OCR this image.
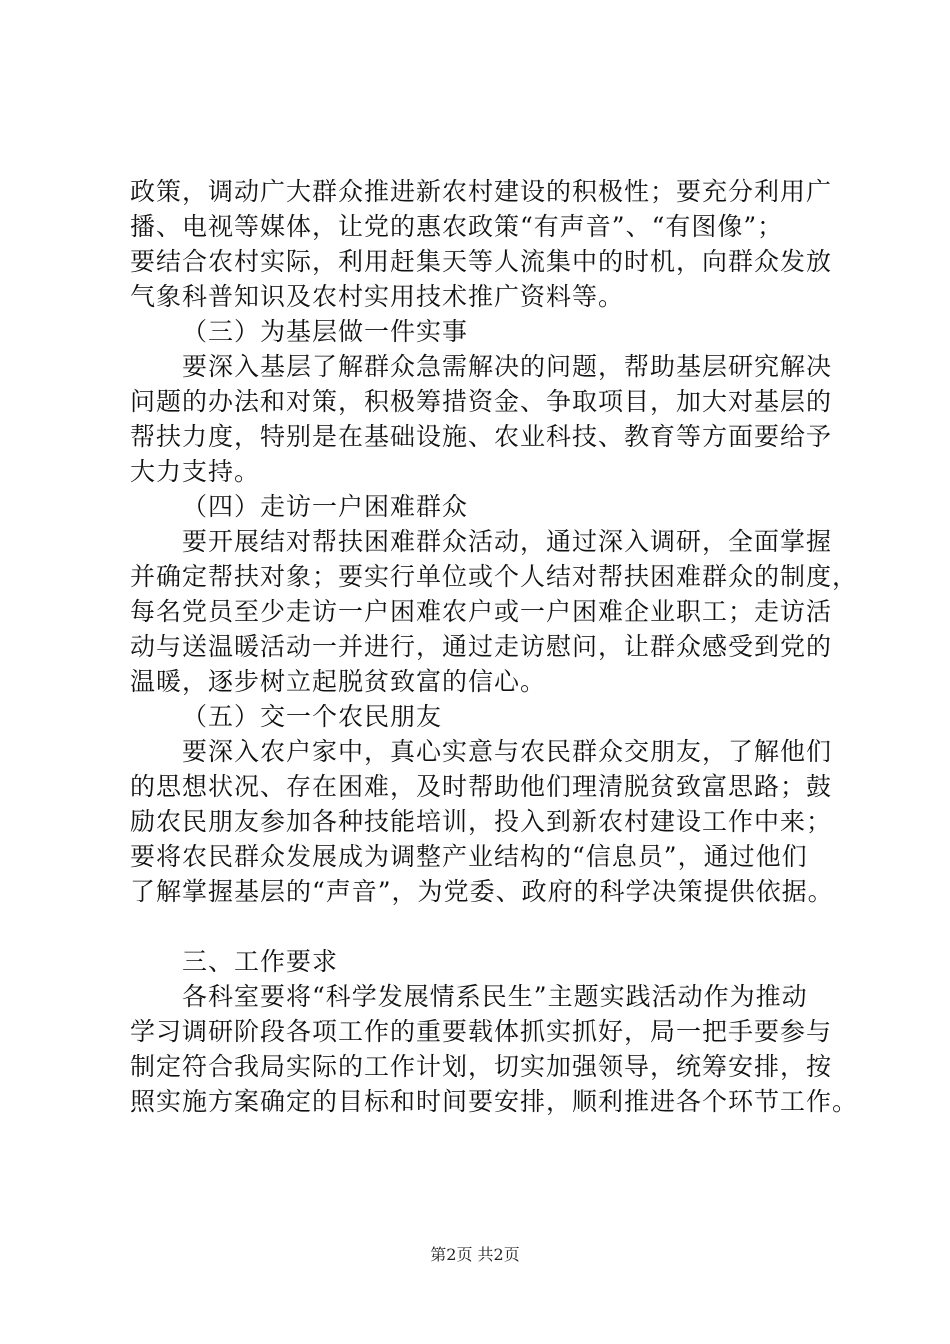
政策，调动广大群众推进新农村建设的积极性；要充分利用广
播、电视等媒体，让党的惠农政策“有声音”、“有图像”；
要结合农村实际，利用赶集天等人流集中的时机，向群众发放
气象科普知识及农村实用技术推广资料等。
（三）为基层做一件实事
要深入基层了解群众急需解决的问题，帮助基层研究解决
问题的办法和对策，积极筹措资金、争取项目，加大对基层的
帮扶力度，特别是在基础设施、农业科技、教育等方面要给予
大力支持。
（四）走访一户困难群众
要开展结对帮扶困难群众活动，通过深入调研，全面掌握
并确定帮扶对象；要实行单位或个人结对帮扶困难群众的制度，
每名党员至少走访一户困难农户或一户困难企业职工；走访活
动与送温暖活动一并进行，通过走访慰问，让群众感受到党的
温暖，逐步树立起脱贫致富的信心。
（五）交一个农民朋友
要深入农户家中，真心实意与农民群众交朋友，了解他们
的思想状况、存在困难，及时帮助他们理清脱贫致富思路；鼓
励农民朋友参加各种技能培训，投入到新农村建设工作中来；
要将农民群众发展成为调整产业结构的“信息员”，通过他们
了解掌握基层的“声音”，为党委、政府的科学决策提供依据。
三、工作要求
各科室要将“科学发展情系民生”主题实践活动作为推动
学习调研阶段各项工作的重要载体抓实抓好，局一把手要参与
制定符合我局实际的工作计划，切实加强领导，统筹安排，按
照实施方案确定的目标和时间要安排，顺利推进各个环节工作。
第2页 共2页
